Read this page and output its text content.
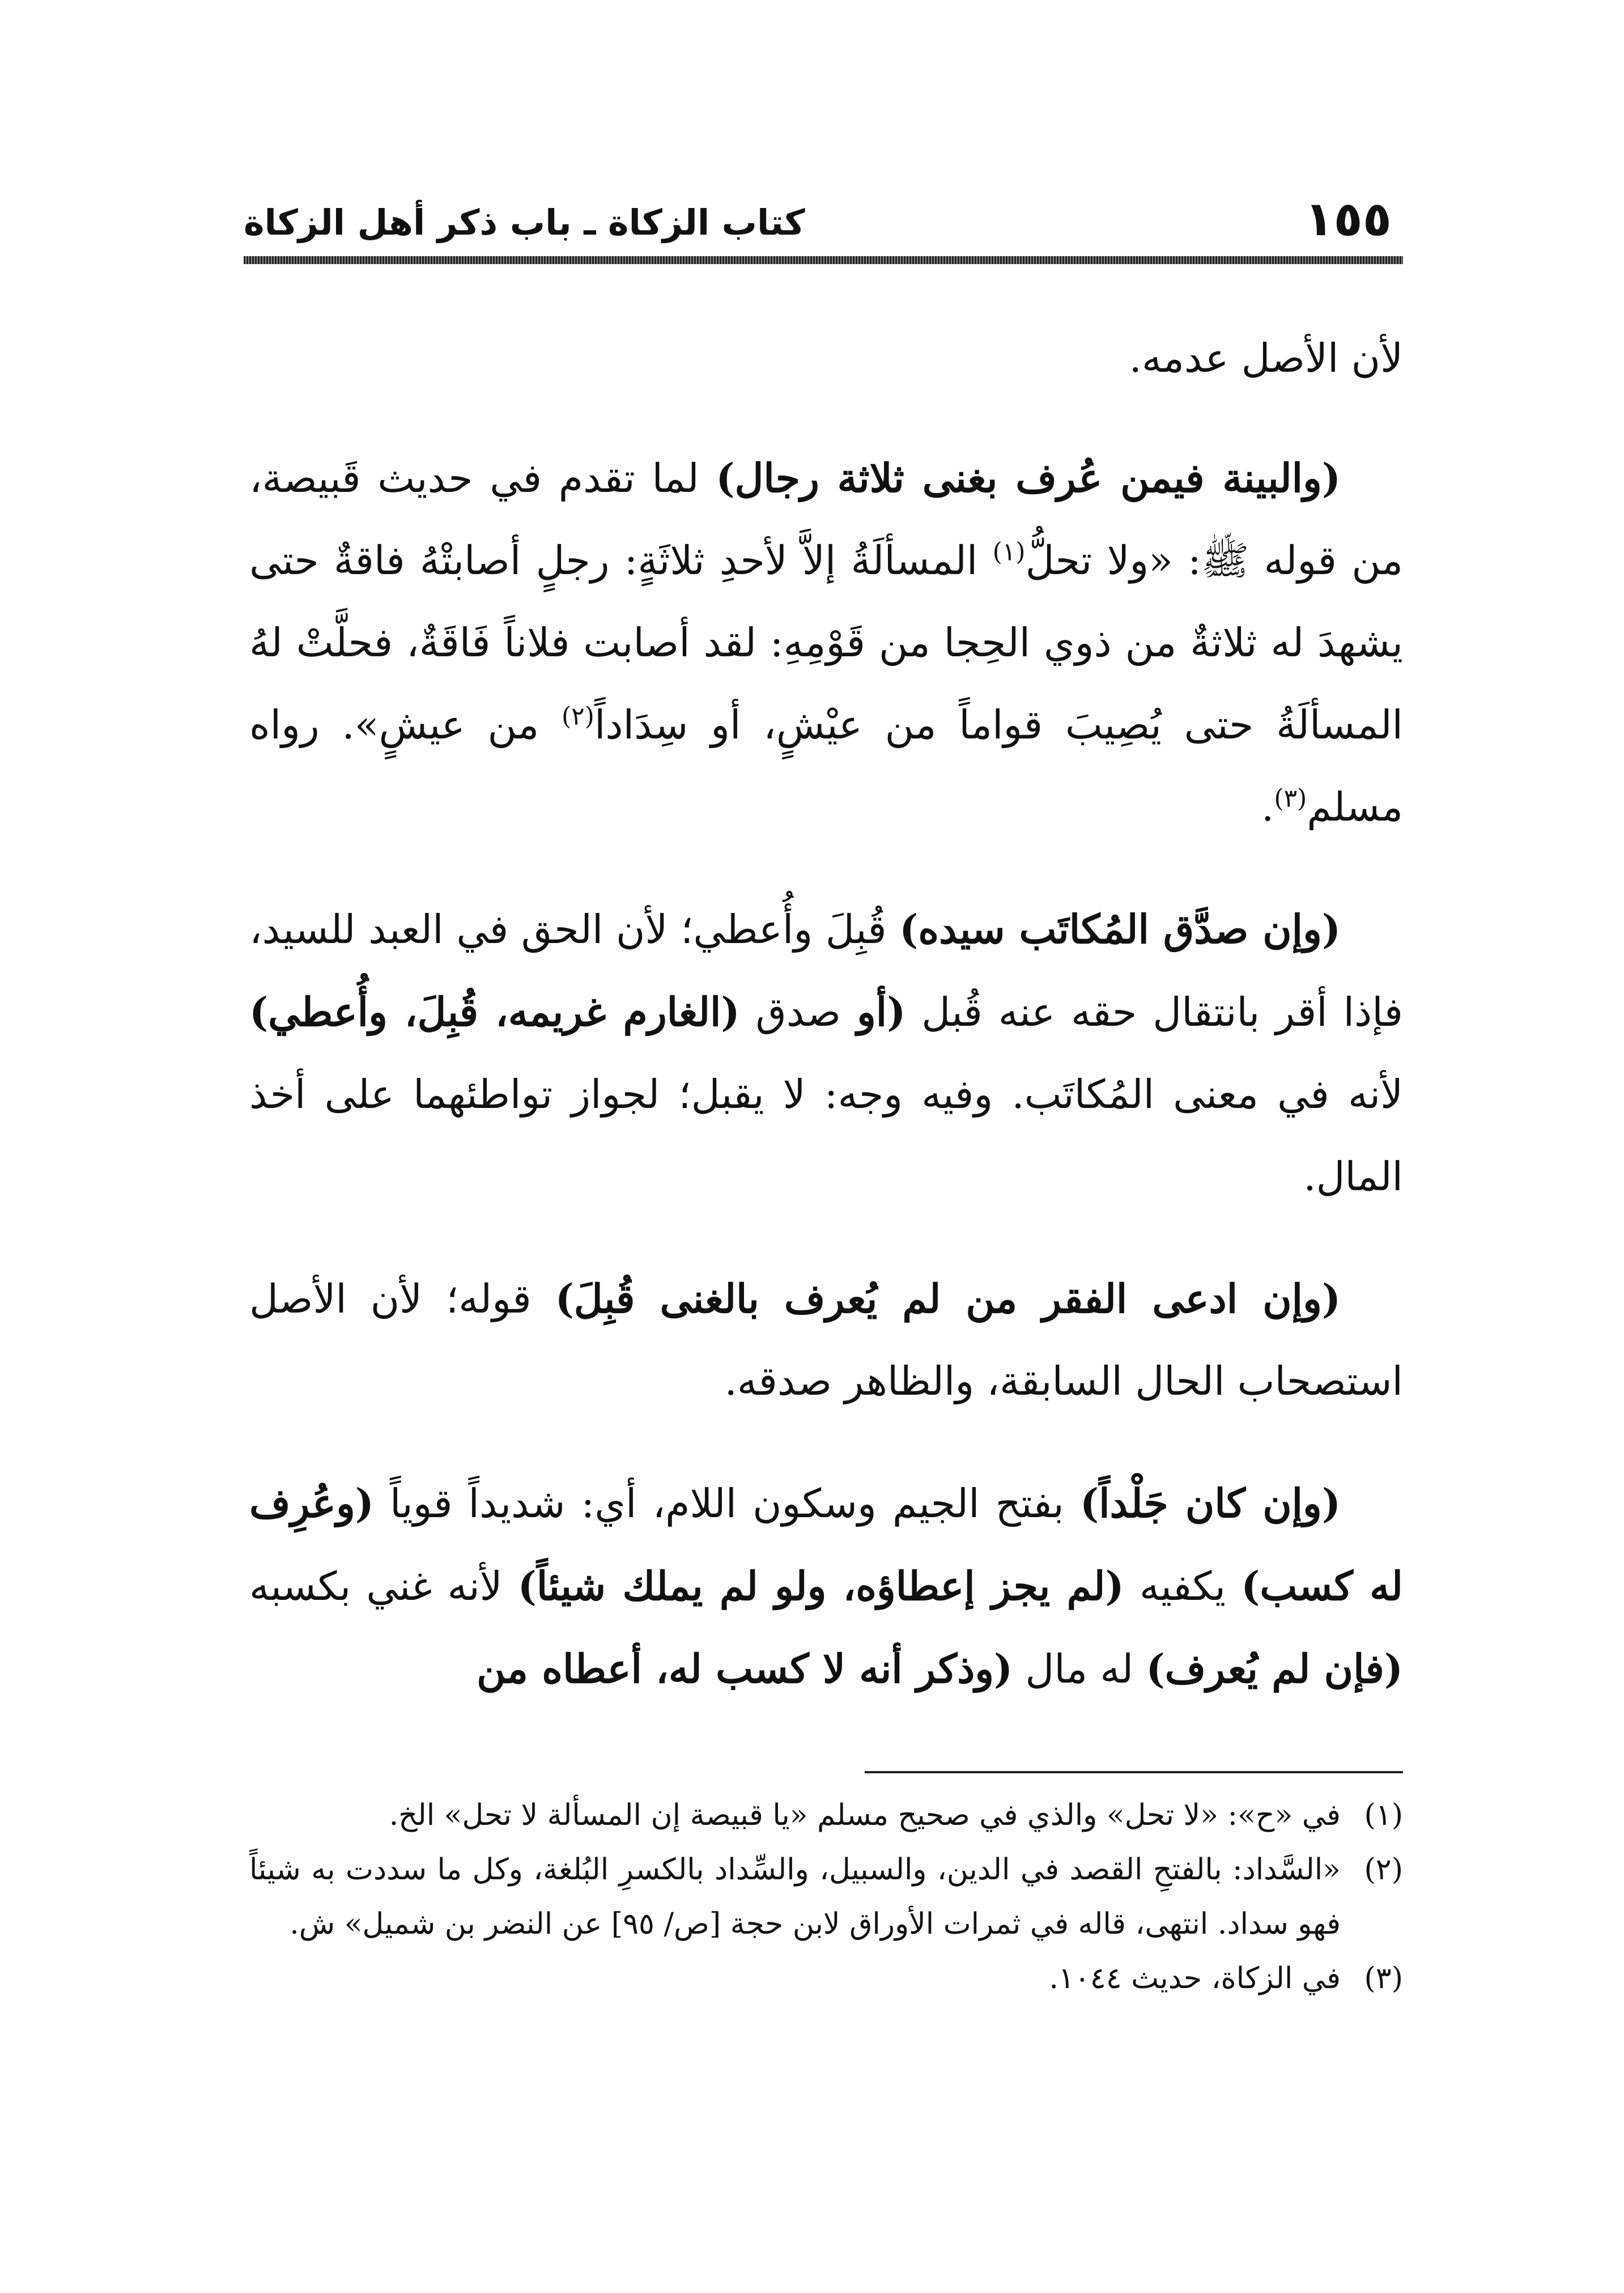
١٥٥
كتاب الزكاة ـ باب ذكر أهل الزكاة

لأن الأصل عدمه.

(والبينة فيمن عُرف بغنى ثلاثة رجال) لما تقدم في حديث قَبيصة، من قوله ﷺ: «ولا تحلُّ$^{(١)}$ المسألَةُ إلاَّ لأحدِ ثلاثَةٍ: رجلٍ أصابتْهُ فاقةٌ حتى يشهدَ له ثلاثةٌ من ذوي الحِجا من قَوْمِهِ: لقد أصابت فلاناً فَاقَةٌ، فحلَّتْ لهُ المسألَةُ حتى يُصِيبَ قواماً من عيْشٍ، أو سِدَاداً$^{(٢)}$ من عيشٍ». رواه مسلم$^{(٣)}$.

(وإن صدَّق المُكاتَب سيده) قُبِلَ وأُعطي؛ لأن الحق في العبد للسيد، فإذا أقر بانتقال حقه عنه قُبل (أو صدق (الغارم غريمه، قُبِلَ، وأُعطي) لأنه في معنى المُكاتَب. وفيه وجه: لا يقبل؛ لجواز تواطئهما على أخذ المال.

(وإن ادعى الفقر من لم يُعرف بالغنى قُبِلَ) قوله؛ لأن الأصل استصحاب الحال السابقة، والظاهر صدقه.

(وإن كان جَلْداً) بفتح الجيم وسكون اللام، أي: شديداً قوياً (وعُرِف له كسب) يكفيه (لم يجز إعطاؤه، ولو لم يملك شيئاً) لأنه غني بكسبه (فإن لم يُعرف) له مال (وذكر أنه لا كسب له، أعطاه من

(١)
في «ح»: «لا تحل» والذي في صحيح مسلم «يا قبيصة إن المسألة لا تحل» الخ.
(٢)
«السَّداد: بالفتحِ القصد في الدين، والسبيل، والسِّداد بالكسرِ البُلغة، وكل ما سددت به شيئاً فهو سداد. انتهى، قاله في ثمرات الأوراق لابن حجة [ص/ ٩٥] عن النضر بن شميل» ش.
(٣)
في الزكاة، حديث ١٠٤٤.
